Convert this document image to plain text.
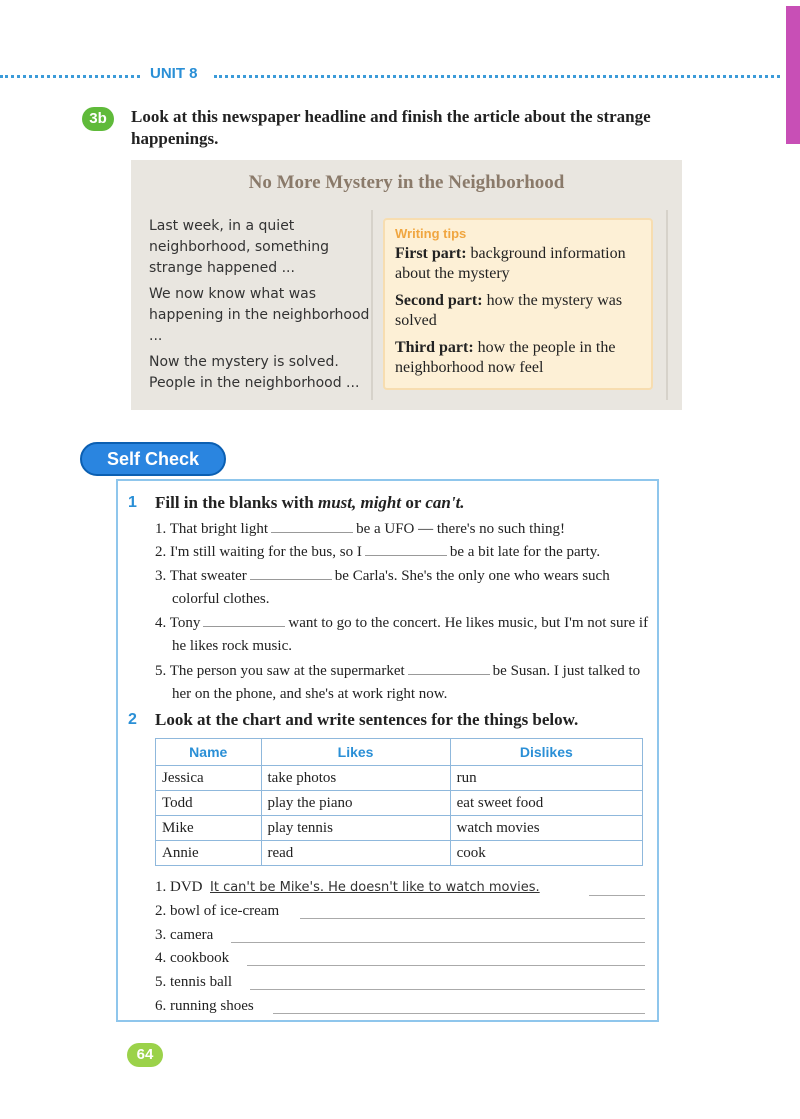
UNIT 8
3b	Look at this newspaper headline and finish the article about the strange happenings.
No More Mystery in the Neighborhood

Last week, in a quiet neighborhood, something strange happened ...

We now know what was happening in the neighborhood ...

Now the mystery is solved. People in the neighborhood ...

Writing tips
First part: background information about the mystery
Second part: how the mystery was solved
Third part: how the people in the neighborhood now feel
Self Check
1 Fill in the blanks with must, might or can't.
1. That bright light	be a UFO — there's no such thing!
2. I'm still waiting for the bus, so I	be a bit late for the party.
3. That sweater	be Carla's. She's the only one who wears such colorful clothes.
4. Tony	want to go to the concert. He likes music, but I'm not sure if he likes rock music.
5. The person you saw at the supermarket	be Susan. I just talked to her on the phone, and she's at work right now.
2 Look at the chart and write sentences for the things below.
Name	Likes	Dislikes
Jessica	take photos	run
Todd	play the piano	eat sweet food
Mike	play tennis	watch movies
Annie	read	cook
1. DVD It can't be Mike's. He doesn't like to watch movies.
2. bowl of ice-cream
3. camera
4. cookbook
5. tennis ball
6. running shoes
64
